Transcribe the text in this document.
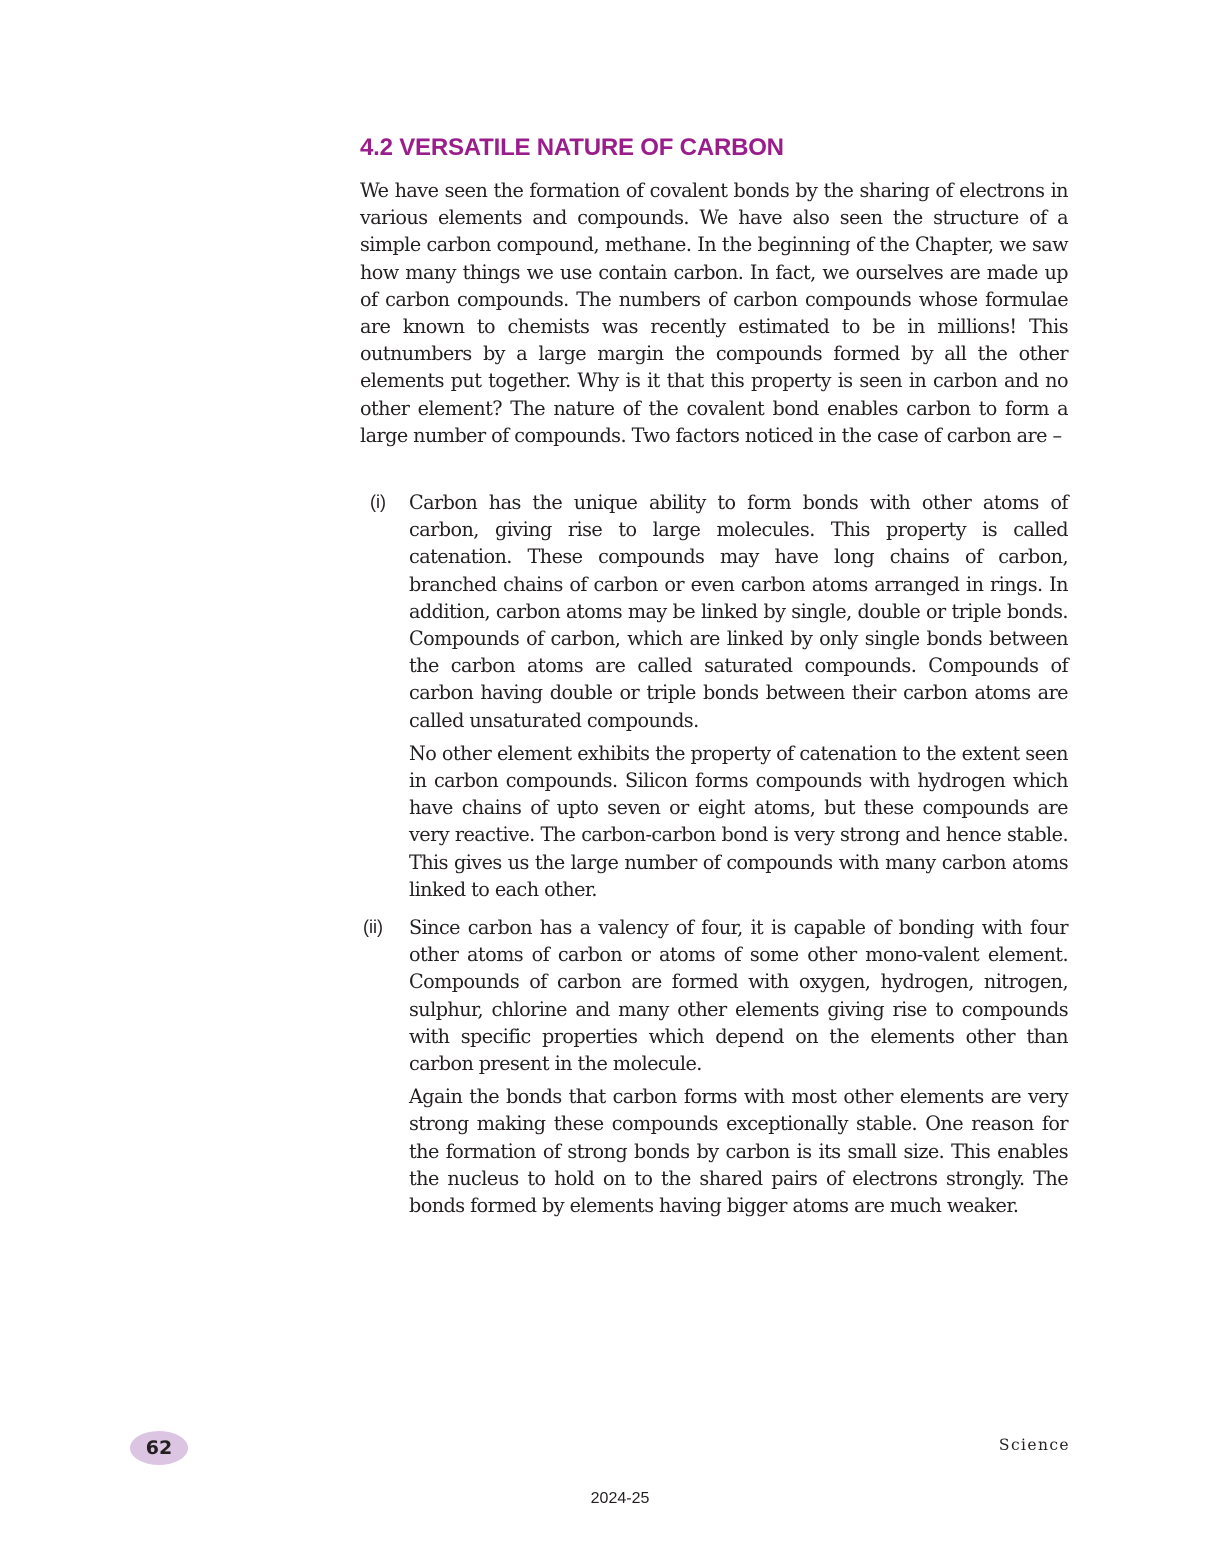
4.2 VERSATILE NATURE OF CARBON

We have seen the formation of covalent bonds by the sharing of electrons in various elements and compounds. We have also seen the structure of a simple carbon compound, methane. In the beginning of the Chapter, we saw how many things we use contain carbon. In fact, we ourselves are made up of carbon compounds. The numbers of carbon compounds whose formulae are known to chemists was recently estimated to be in millions! This outnumbers by a large margin the compounds formed by all the other elements put together. Why is it that this property is seen in carbon and no other element? The nature of the covalent bond enables carbon to form a large number of compounds. Two factors noticed in the case of carbon are –

(i)	Carbon has the unique ability to form bonds with other atoms of carbon, giving rise to large molecules. This property is called catenation. These compounds may have long chains of carbon, branched chains of carbon or even carbon atoms arranged in rings. In addition, carbon atoms may be linked by single, double or triple bonds. Compounds of carbon, which are linked by only single bonds between the carbon atoms are called saturated compounds. Compounds of carbon having double or triple bonds between their carbon atoms are called unsaturated compounds.

No other element exhibits the property of catenation to the extent seen in carbon compounds. Silicon forms compounds with hydrogen which have chains of upto seven or eight atoms, but these compounds are very reactive. The carbon-carbon bond is very strong and hence stable. This gives us the large number of compounds with many carbon atoms linked to each other.

(ii)	Since carbon has a valency of four, it is capable of bonding with four other atoms of carbon or atoms of some other mono-valent element. Compounds of carbon are formed with oxygen, hydrogen, nitrogen, sulphur, chlorine and many other elements giving rise to compounds with specific properties which depend on the elements other than carbon present in the molecule.

Again the bonds that carbon forms with most other elements are very strong making these compounds exceptionally stable. One reason for the formation of strong bonds by carbon is its small size. This enables the nucleus to hold on to the shared pairs of electrons strongly. The bonds formed by elements having bigger atoms are much weaker.

62	Science
2024-25
